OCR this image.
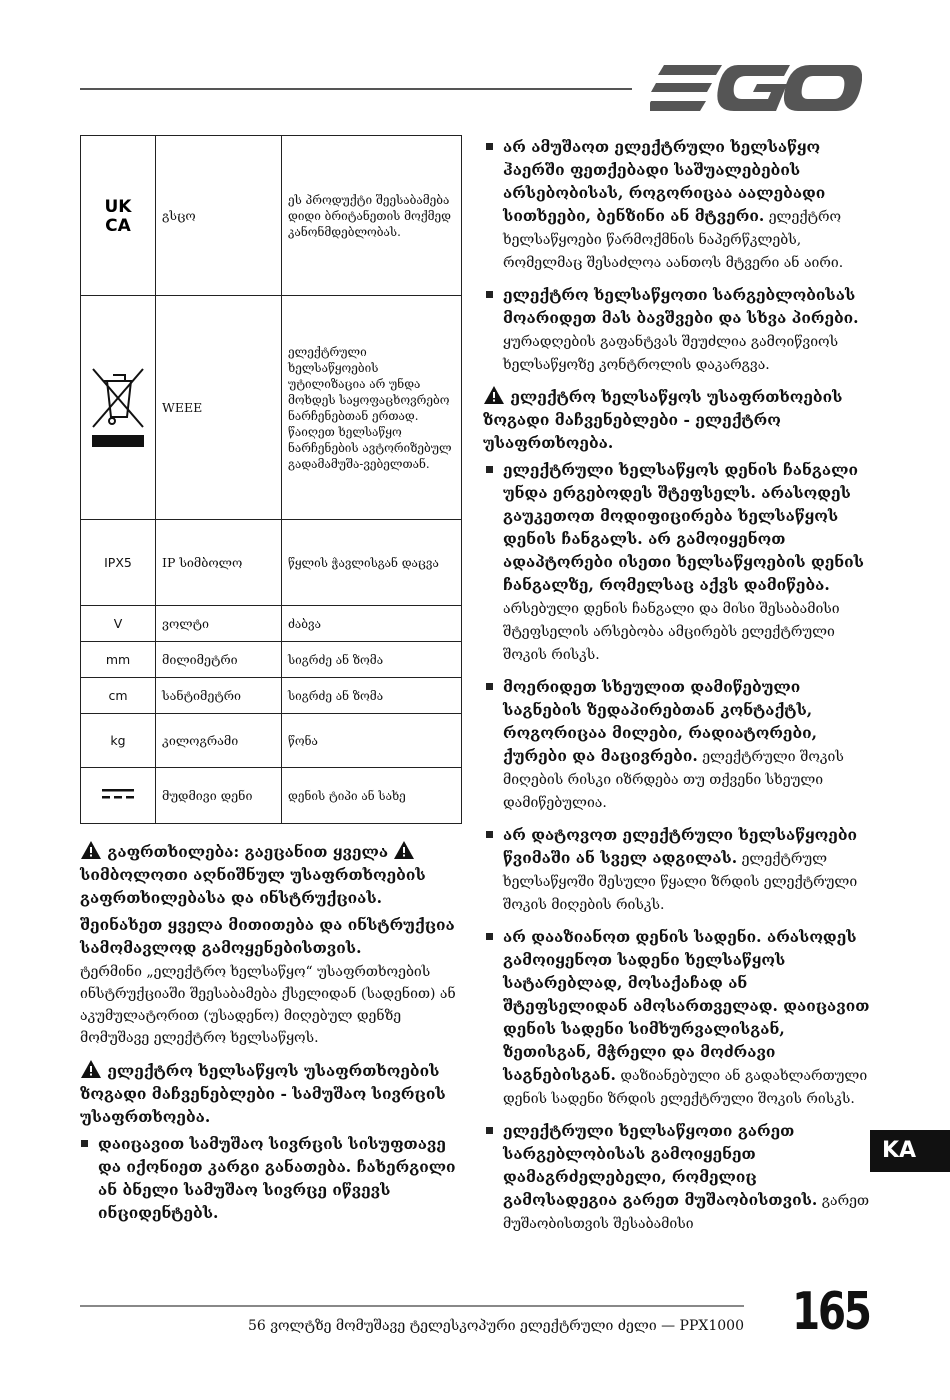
UK
CA	გსცო	ეს პროდუქტი შეესაბამება დიდი ბრიტანეთის მოქმედ კანონმდებლობას.
	WEEE	ელექტრული ხელსაწყოების უტილიზაცია არ უნდა მოხდეს საყოფაცხოვრებო ნარჩენებთან ერთად. წაიღეთ ხელსაწყო ნარჩენების ავტორიზებულ გადამამუშა-ვებელთან.
IPX5	IP სიმბოლო	წყლის ჭავლისგან დაცვა
V	ვოლტი	ძაბვა
mm	მილიმეტრი	სიგრძე ან ზომა
cm	სანტიმეტრი	სიგრძე ან ზომა
kg	კილოგრამი	წონა
	მუდმივი დენი	დენის ტიპი ან სახე

გაფრთხილება: გაეცანით ყველა  სიმბოლოთი აღნიშნულ უსაფრთხოების გაფრთხილებასა და ინსტრუქციას.

შეინახეთ ყველა მითითება და ინსტრუქცია სამომავლოდ გამოყენებისთვის.

ტერმინი „ელექტრო ხელსაწყო“ უსაფრთხოების ინსტრუქციაში შეესაბამება ქსელიდან (სადენით) ან აკუმულატორით (უსადენო) მიღებულ დენზე მომუშავე ელექტრო ხელსაწყოს.

ელექტრო ხელსაწყოს უსაფრთხოების ზოგადი მაჩვენებლები - სამუშაო სივრცის უსაფრთხოება.

დაიცავით სამუშაო სივრცის სისუფთავე და იქონიეთ კარგი განათება. ჩახერგილი ან ბნელი სამუშაო სივრცე იწვევს ინციდენტებს.
არ ამუშაოთ ელექტრული ხელსაწყო ჰაერში ფეთქებადი საშუალებების არსებობისას, როგორიცაა აალებადი სითხეები, ბენზინი ან მტვერი. ელექტრო ხელსაწყოები წარმოქმნის ნაპერწკლებს, რომელმაც შესაძლოა აანთოს მტვერი ან აირი.
ელექტრო ხელსაწყოთი სარგებლობისას მოარიდეთ მას ბავშვები და სხვა პირები. ყურადღების გაფანტვას შეუძლია გამოიწვიოს ხელსაწყოზე კონტროლის დაკარგვა.

ელექტრო ხელსაწყოს უსაფრთხოების ზოგადი მაჩვენებლები - ელექტრო უსაფრთხოება.

ელექტრული ხელსაწყოს დენის ჩანგალი უნდა ერგებოდეს შტეფსელს. არასოდეს გაუკეთოთ მოდიფიცირება ხელსაწყოს დენის ჩანგალს. არ გამოიყენოთ ადაპტორები ისეთი ხელსაწყოების დენის ჩანგალზე, რომელსაც აქვს დამიწება. არსებული დენის ჩანგალი და მისი შესაბამისი შტეფსელის არსებობა ამცირებს ელექტრული შოკის რისკს.
მოერიდეთ სხეულით დამიწებული საგნების ზედაპირებთან კონტაქტს, როგორიცაა მილები, რადიატორები, ქურები და მაცივრები. ელექტრული შოკის მიღების რისკი იზრდება თუ თქვენი სხეული დამიწებულია.
არ დატოვოთ ელექტრული ხელსაწყოები წვიმაში ან სველ ადგილას. ელექტრულ ხელსაწყოში შესული წყალი ზრდის ელექტრული შოკის მიღების რისკს.
არ დააზიანოთ დენის სადენი. არასოდეს გამოიყენოთ სადენი ხელსაწყოს სატარებლად, მოსაქაჩად ან შტეფსელიდან ამოსართველად. დაიცავით დენის სადენი სიმხურვალისგან, ზეთისგან, მჭრელი და მოძრავი საგნებისგან. დაზიანებული ან გადახლართული დენის სადენი ზრდის ელექტრული შოკის რისკს.
ელექტრული ხელსაწყოთი გარეთ სარგებლობისას გამოიყენეთ დამაგრძელებელი, რომელიც გამოსადეგია გარეთ მუშაობისთვის. გარეთ მუშაობისთვის შესაბამისი
KA
56 ვოლტზე მომუშავე ტელესკოპური ელექტრული ძელი — PPX1000 165
